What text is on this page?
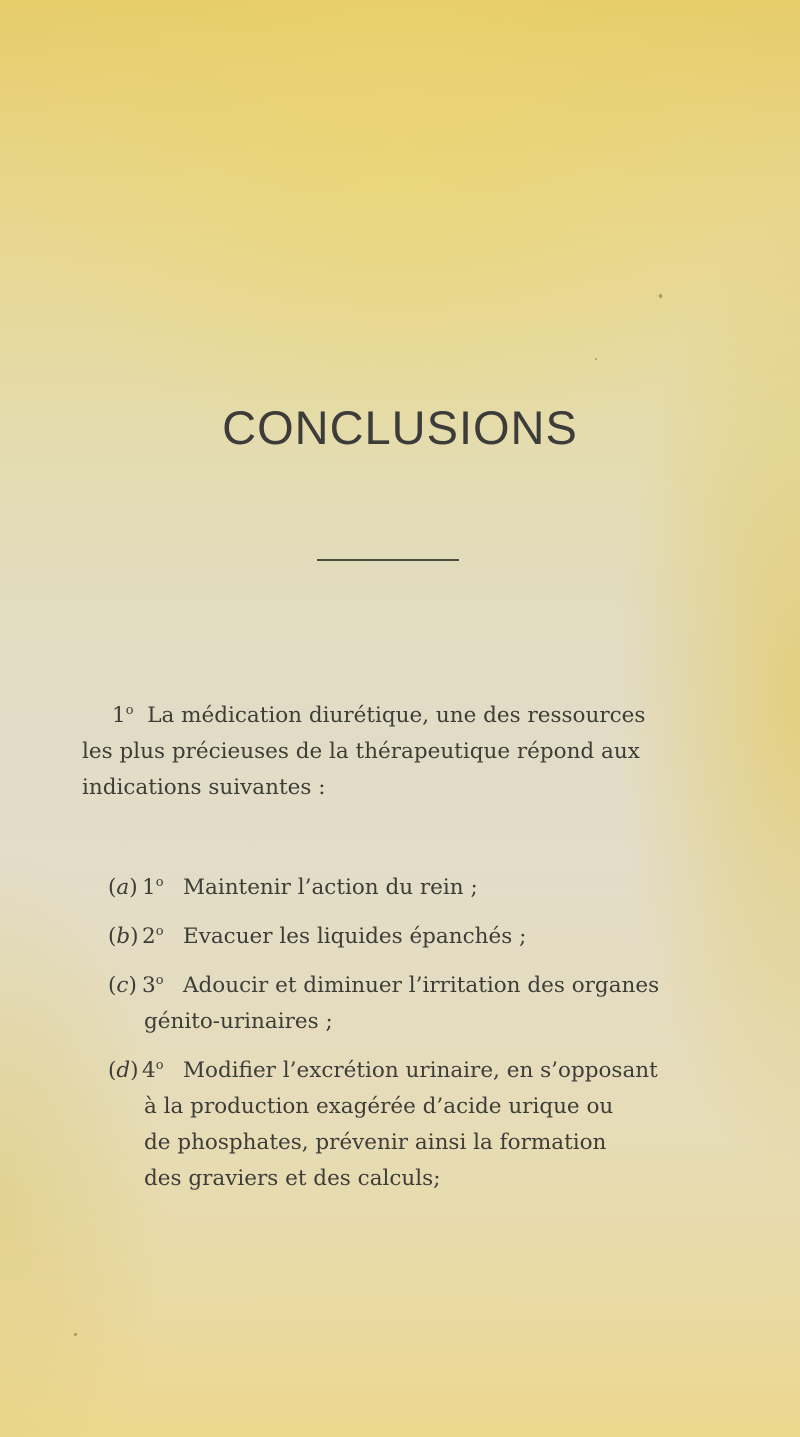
CONCLUSIONS

1$^o$ La médication diurétique, une des ressources

les plus précieuses de la thérapeutique répond aux

indications suivantes :

(a) 1$^o$ Maintenir l’action du rein ;
(b) 2$^o$ Evacuer les liquides épanchés ;
(c) 3$^o$ Adoucir et diminuer l’irritation des organes
génito-urinaires ;
(d) 4$^o$ Modifier l’excrétion urinaire, en s’opposant
à la production exagérée d’acide urique ou
de phosphates, prévenir ainsi la formation
des graviers et des calculs;
